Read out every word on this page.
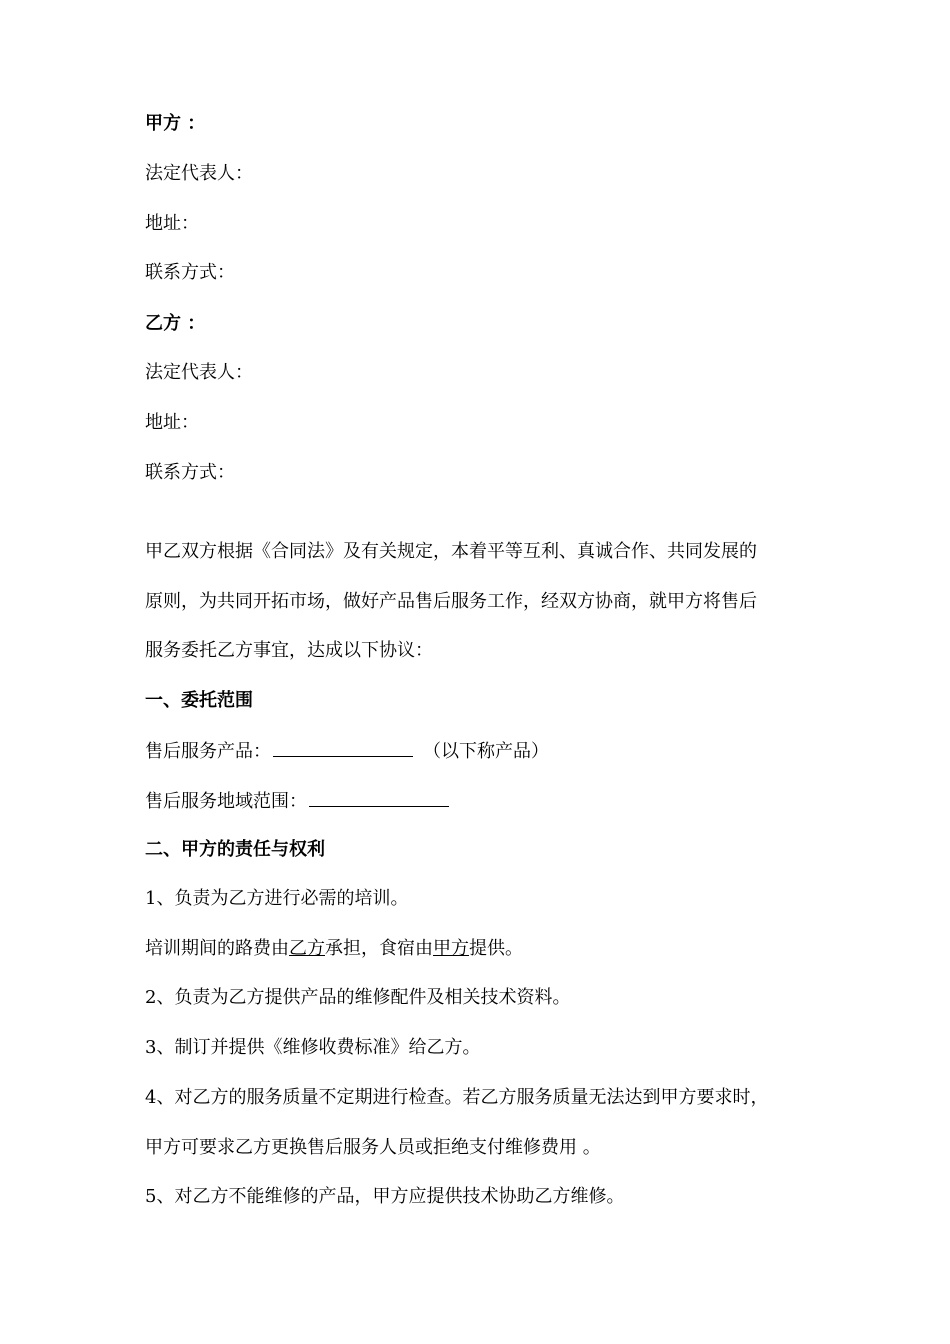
甲方 ：
法定代表人：
地址：
联系方式：
乙方 ：
法定代表人：
地址：
联系方式：
甲乙双方根据《合同法》及有关规定，本着平等互利、真诚合作、共同发展的
原则，为共同开拓市场，做好产品售后服务工作，经双方协商，就甲方将售后
服务委托乙方事宜，达成以下协议：
一、委托范围
售后服务产品：	（以下称产品）
售后服务地域范围：
二、甲方的责任与权利
1、负责为乙方进行必需的培训。
培训期间的路费由乙方承担，食宿由甲方提供。
2、负责为乙方提供产品的维修配件及相关技术资料。
3、制订并提供《维修收费标准》给乙方。
4、对乙方的服务质量不定期进行检查。若乙方服务质量无法达到甲方要求时，
甲方可要求乙方更换售后服务人员或拒绝支付维修费用 。
5、对乙方不能维修的产品，甲方应提供技术协助乙方维修。
